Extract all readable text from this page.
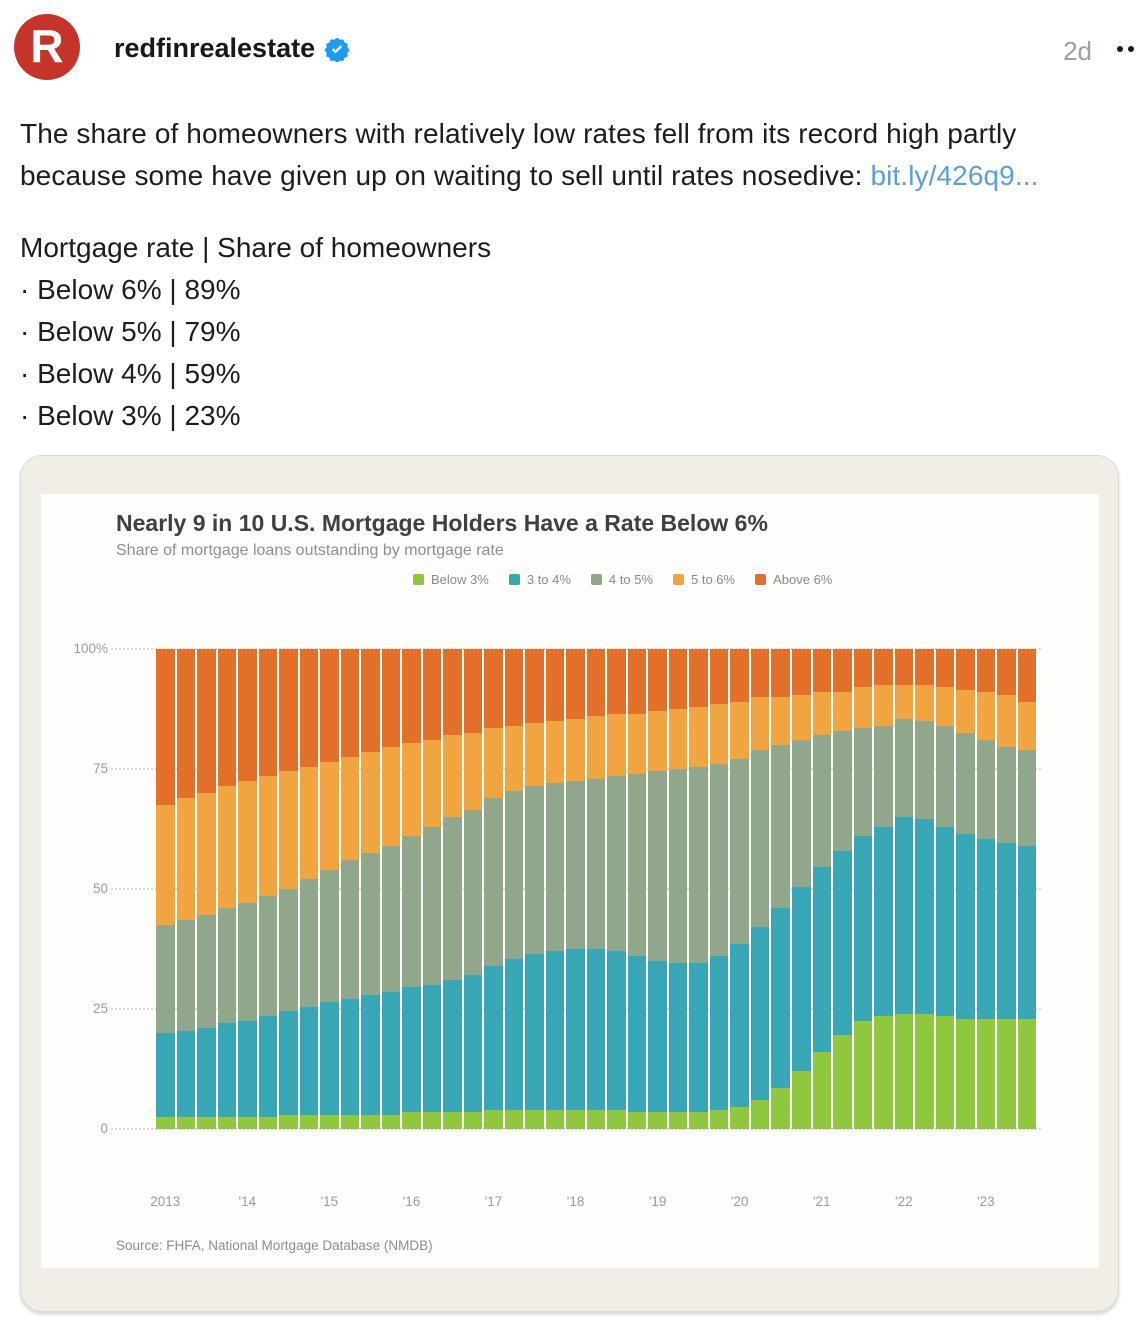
R redfinrealestate	2d
The share of homeowners with relatively low rates fell from its record high partly because some have given up on waiting to sell until rates nosedive: bit.ly/426q9...
Mortgage rate | Share of homeowners
· Below 6% | 89%
· Below 5% | 79%
· Below 4% | 59%
· Below 3% | 23%
Nearly 9 in 10 U.S. Mortgage Holders Have a Rate Below 6%
Share of mortgage loans outstanding by mortgage rate
Below 3%	3 to 4%	4 to 5%	5 to 6%	Above 6%
100%
75
50
25
0
2013	'14	'15	'16	'17	'18	'19	'20	'21	'22	'23
Source: FHFA, National Mortgage Database (NMDB)
